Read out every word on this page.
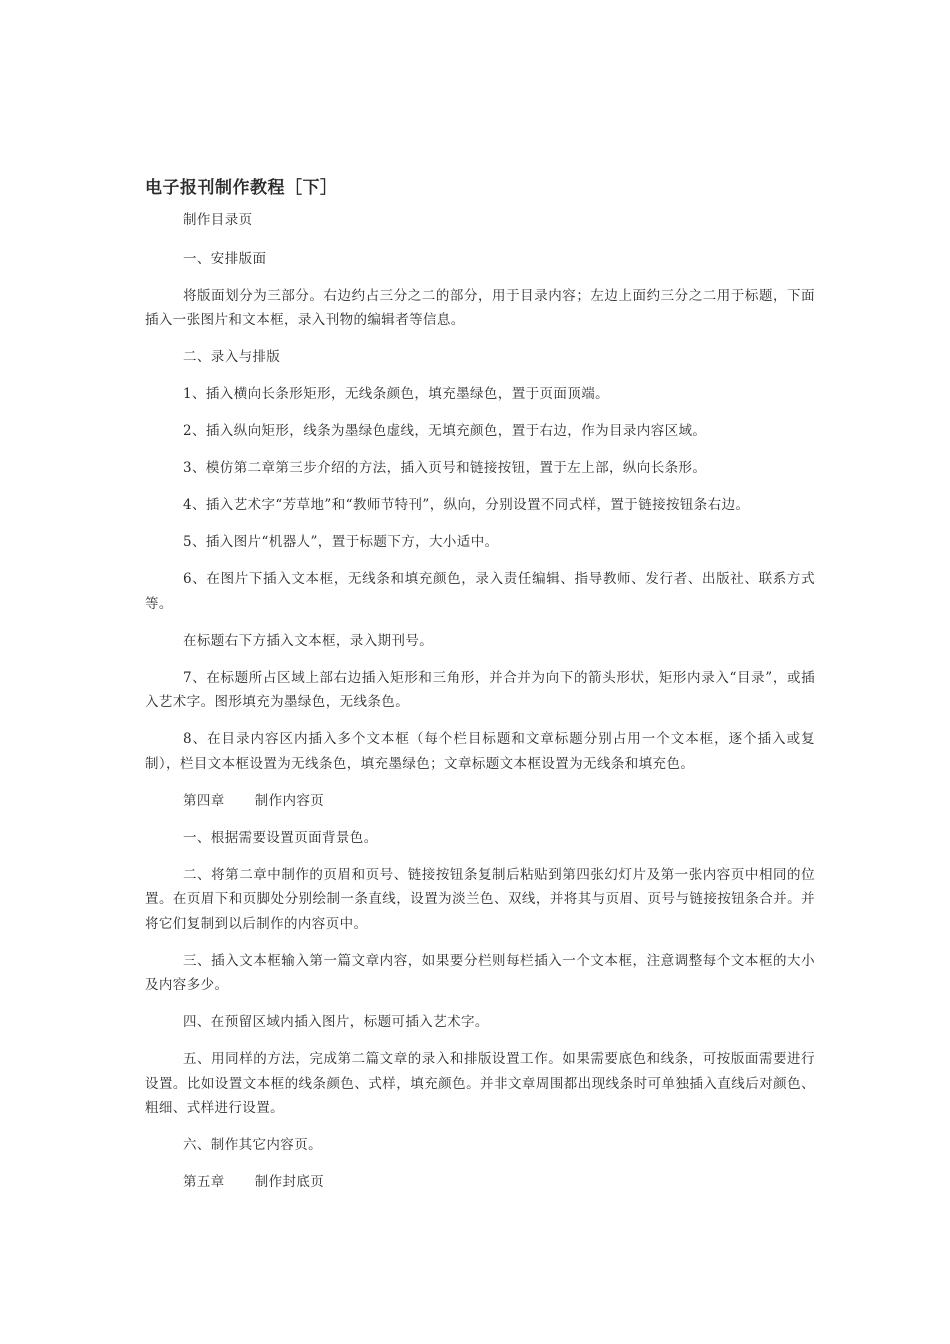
电子报刊制作教程［下］

制作目录页

一、安排版面

将版面划分为三部分。右边约占三分之二的部分，用于目录内容；左边上面约三分之二用于标题，下面插入一张图片和文本框，录入刊物的编辑者等信息。

二、录入与排版

1、插入横向长条形矩形，无线条颜色，填充墨绿色，置于页面顶端。

2、插入纵向矩形，线条为墨绿色虚线，无填充颜色，置于右边，作为目录内容区域。

3、模仿第二章第三步介绍的方法，插入页号和链接按钮，置于左上部，纵向长条形。

4、插入艺术字“芳草地”和“教师节特刊”，纵向，分别设置不同式样，置于链接按钮条右边。

5、插入图片“机器人”，置于标题下方，大小适中。

6、在图片下插入文本框，无线条和填充颜色，录入责任编辑、指导教师、发行者、出版社、联系方式等。

在标题右下方插入文本框，录入期刊号。

7、在标题所占区域上部右边插入矩形和三角形，并合并为向下的箭头形状，矩形内录入“目录”，或插入艺术字。图形填充为墨绿色，无线条色。

8、在目录内容区内插入多个文本框（每个栏目标题和文章标题分别占用一个文本框，逐个插入或复制），栏目文本框设置为无线条色，填充墨绿色；文章标题文本框设置为无线条和填充色。

第四章 制作内容页

一、根据需要设置页面背景色。

二、将第二章中制作的页眉和页号、链接按钮条复制后粘贴到第四张幻灯片及第一张内容页中相同的位置。在页眉下和页脚处分别绘制一条直线，设置为淡兰色、双线，并将其与页眉、页号与链接按钮条合并。并将它们复制到以后制作的内容页中。

三、插入文本框输入第一篇文章内容，如果要分栏则每栏插入一个文本框，注意调整每个文本框的大小及内容多少。

四、在预留区域内插入图片，标题可插入艺术字。

五、用同样的方法，完成第二篇文章的录入和排版设置工作。如果需要底色和线条，可按版面需要进行设置。比如设置文本框的线条颜色、式样，填充颜色。并非文章周围都出现线条时可单独插入直线后对颜色、粗细、式样进行设置。

六、制作其它内容页。

第五章 制作封底页
